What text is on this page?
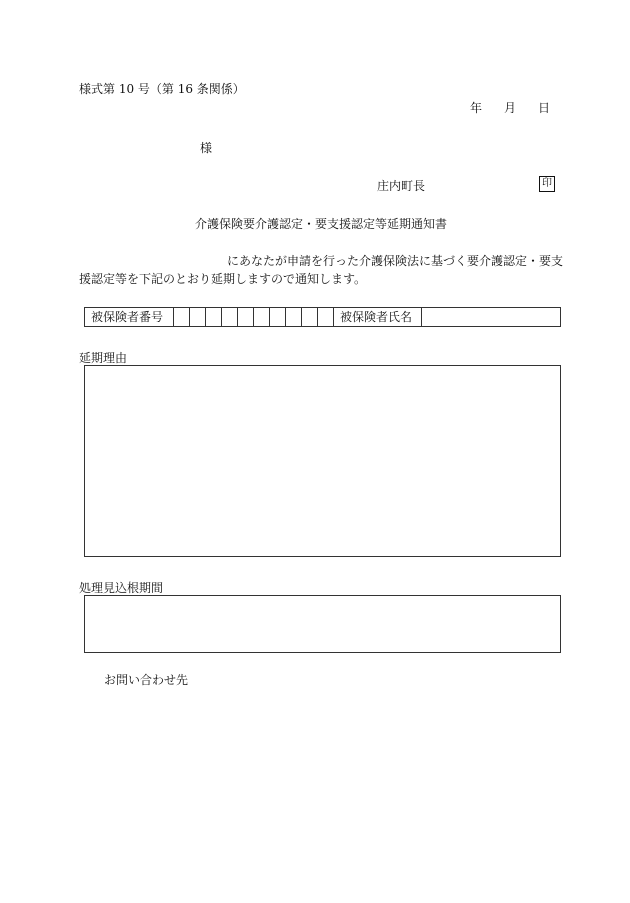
様式第 10 号（第 16 条関係）
年 月 日
様
庄内町長	印
介護保険要介護認定・要支援認定等延期通知書
にあなたが申請を行った介護保険法に基づく要介護認定・要支
援認定等を下記のとおり延期しますので通知します。
被保険者番号	被保険者氏名
延期理由
処理見込根期間
お問い合わせ先
